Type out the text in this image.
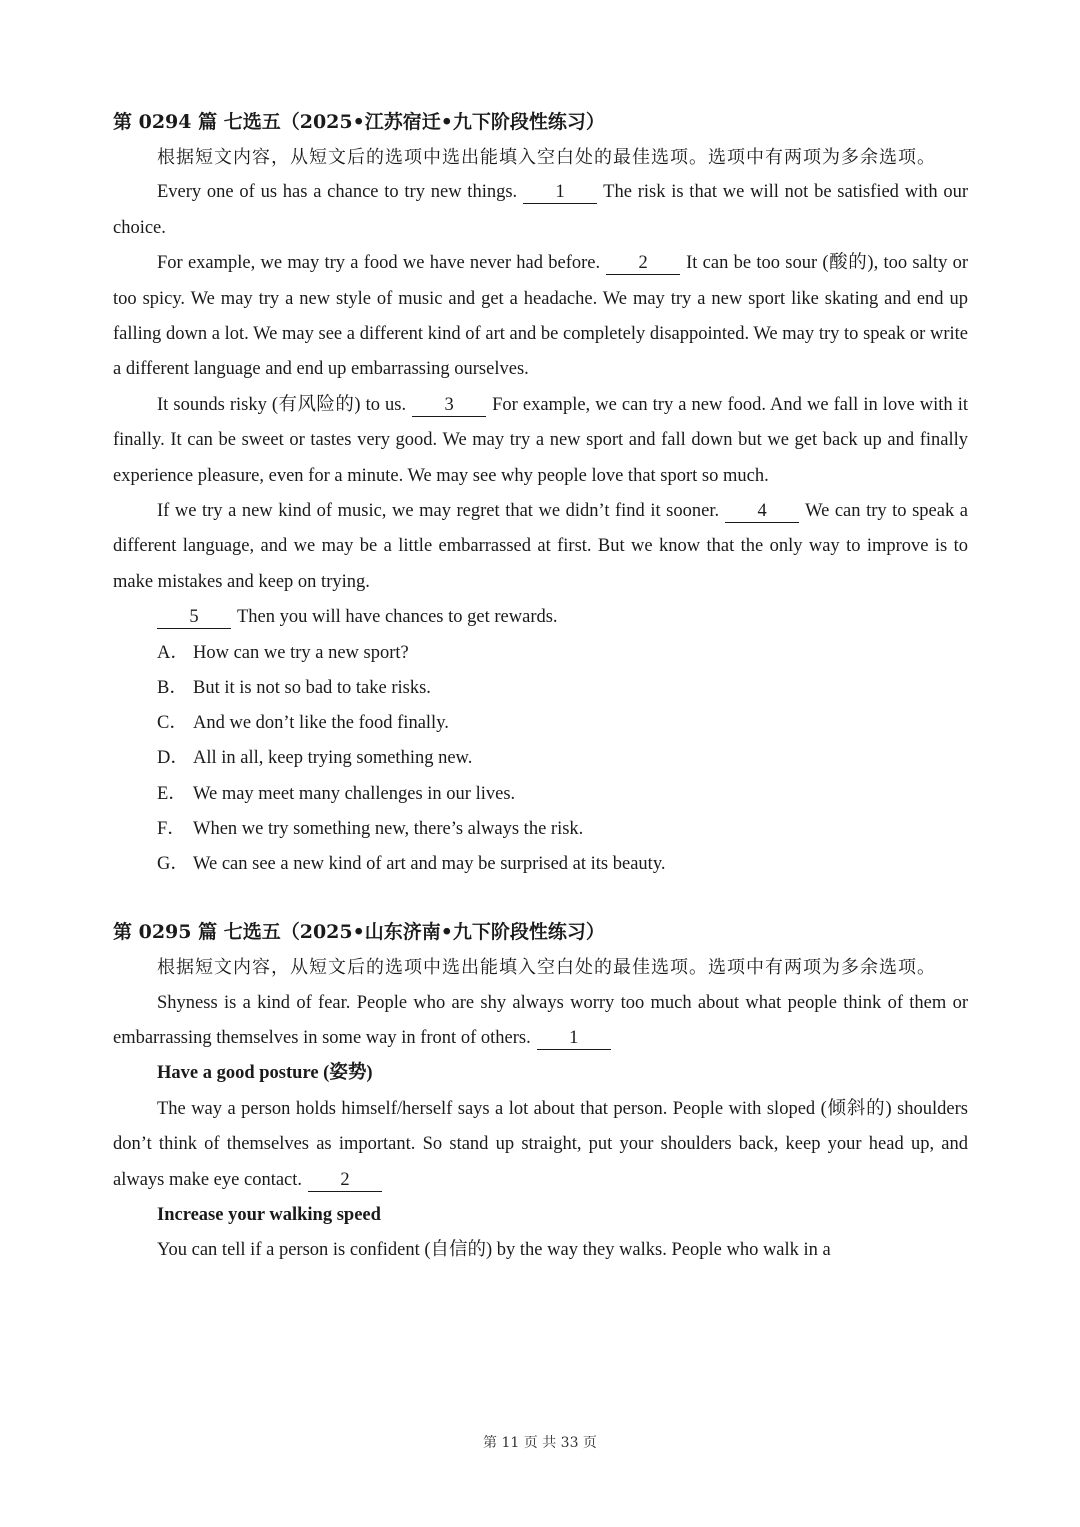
第 0294 篇 七选五（2025•江苏宿迁•九下阶段性练习）

根据短文内容，从短文后的选项中选出能填入空白处的最佳选项。选项中有两项为多余选项。

Every one of us has a chance to try new things. 1 The risk is that we will not be satisfied with our choice.

For example, we may try a food we have never had before. 2 It can be too sour (酸的), too salty or too spicy. We may try a new style of music and get a headache. We may try a new sport like skating and end up falling down a lot. We may see a different kind of art and be completely disappointed. We may try to speak or write a different language and end up embarrassing ourselves.

It sounds risky (有风险的) to us. 3 For example, we can try a new food. And we fall in love with it finally. It can be sweet or tastes very good. We may try a new sport and fall down but we get back up and finally experience pleasure, even for a minute. We may see why people love that sport so much.

If we try a new kind of music, we may regret that we didn’t find it sooner. 4 We can try to speak a different language, and we may be a little embarrassed at first. But we know that the only way to improve is to make mistakes and keep on trying.

5 Then you will have chances to get rewards.

A． How can we try a new sport?
B． But it is not so bad to take risks.
C． And we don’t like the food finally.
D． All in all, keep trying something new.
E． We may meet many challenges in our lives.
F． When we try something new, there’s always the risk.
G． We can see a new kind of art and may be surprised at its beauty.
第 0295 篇 七选五（2025•山东济南•九下阶段性练习）

根据短文内容，从短文后的选项中选出能填入空白处的最佳选项。选项中有两项为多余选项。

Shyness is a kind of fear. People who are shy always worry too much about what people think of them or embarrassing themselves in some way in front of others. 1

Have a good posture (姿势)

The way a person holds himself/herself says a lot about that person. People with sloped (倾斜的) shoulders don’t think of themselves as important. So stand up straight, put your shoulders back, keep your head up, and always make eye contact. 2

Increase your walking speed

You can tell if a person is confident (自信的) by the way they walks. People who walk in a

第 11 页 共 33 页
